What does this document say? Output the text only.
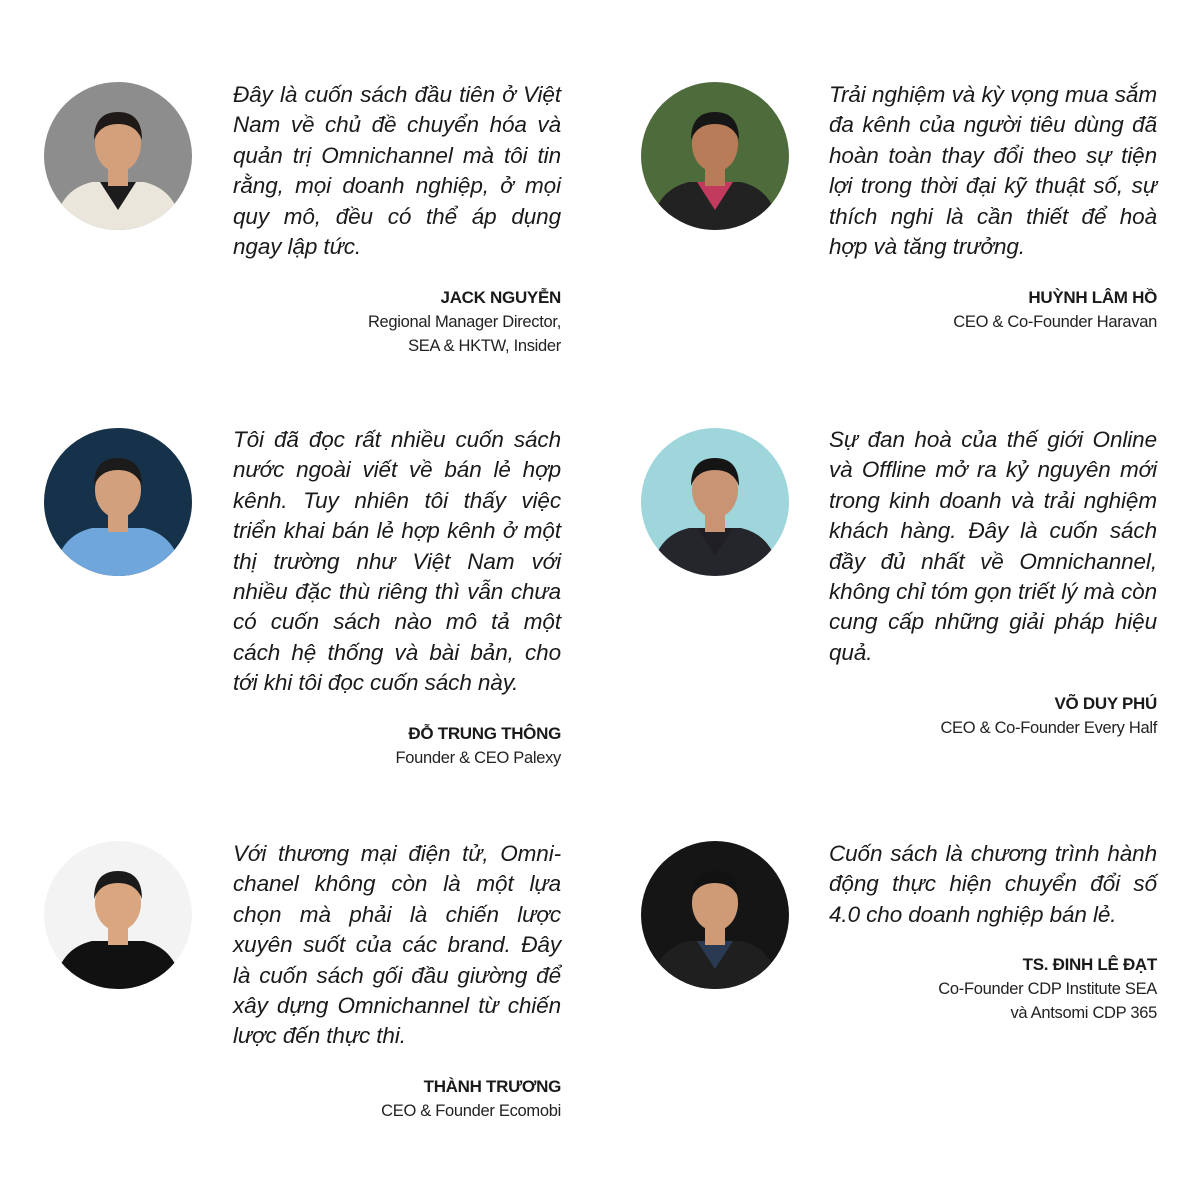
Đây là cuốn sách đầu tiên ở Việt Nam về chủ đề chuyển hóa và quản trị Omnichannel mà tôi tin rằng, mọi doanh nghiệp, ở mọi quy mô, đều có thể áp dụng ngay lập tức.

JACK NGUYỄN
Regional Manager Director,
SEA & HKTW, Insider

Trải nghiệm và kỳ vọng mua sắm đa kênh của người tiêu dùng đã hoàn toàn thay đổi theo sự tiện lợi trong thời đại kỹ thuật số, sự thích nghi là cần thiết để hoà hợp và tăng trưởng.

HUỲNH LÂM HỒ
CEO & Co-Founder Haravan

Tôi đã đọc rất nhiều cuốn sách nước ngoài viết về bán lẻ hợp kênh. Tuy nhiên tôi thấy việc triển khai bán lẻ hợp kênh ở một thị trường như Việt Nam với nhiều đặc thù riêng thì vẫn chưa có cuốn sách nào mô tả một cách hệ thống và bài bản, cho tới khi tôi đọc cuốn sách này.

ĐỖ TRUNG THÔNG
Founder & CEO Palexy

Sự đan hoà của thế giới Online và Offline mở ra kỷ nguyên mới trong kinh doanh và trải nghiệm khách hàng. Đây là cuốn sách đầy đủ nhất về Omnichannel, không chỉ tóm gọn triết lý mà còn cung cấp những giải pháp hiệu quả.

VÕ DUY PHÚ
CEO & Co-Founder Every Half

Với thương mại điện tử, Omni-chanel không còn là một lựa chọn mà phải là chiến lược xuyên suốt của các brand. Đây là cuốn sách gối đầu giường để xây dựng Omnichannel từ chiến lược đến thực thi.

THÀNH TRƯƠNG
CEO & Founder Ecomobi

Cuốn sách là chương trình hành động thực hiện chuyển đổi số 4.0 cho doanh nghiệp bán lẻ.

TS. ĐINH LÊ ĐẠT
Co-Founder CDP Institute SEA
và Antsomi CDP 365
